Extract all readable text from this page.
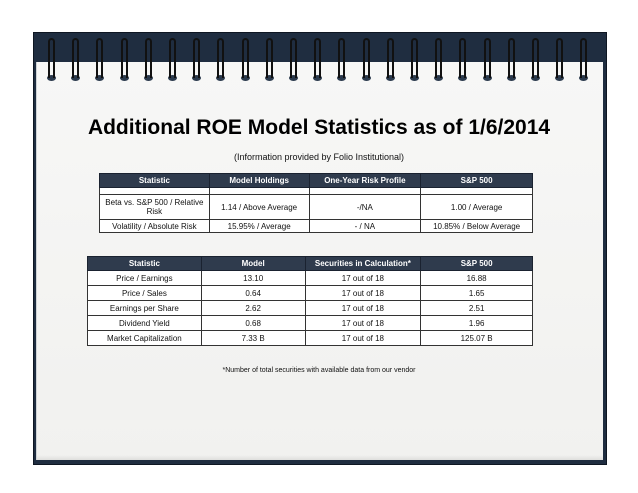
Additional ROE Model Statistics as of 1/6/2014
(Information provided by Folio Institutional)
Statistic	Model Holdings	One-Year Risk Profile	S&P 500

Beta vs. S&P 500 / Relative Risk	1.14 / Above Average	-/NA	1.00 / Average
Volatility / Absolute Risk	15.95% / Average	- / NA	10.85% / Below Average
Statistic	Model	Securities in Calculation*	S&P 500
Price / Earnings	13.10	17 out of 18	16.88
Price / Sales	0.64	17 out of 18	1.65
Earnings per Share	2.62	17 out of 18	2.51
Dividend Yield	0.68	17 out of 18	1.96
Market Capitalization	7.33 B	17 out of 18	125.07 B
*Number of total securities with available data from our vendor
